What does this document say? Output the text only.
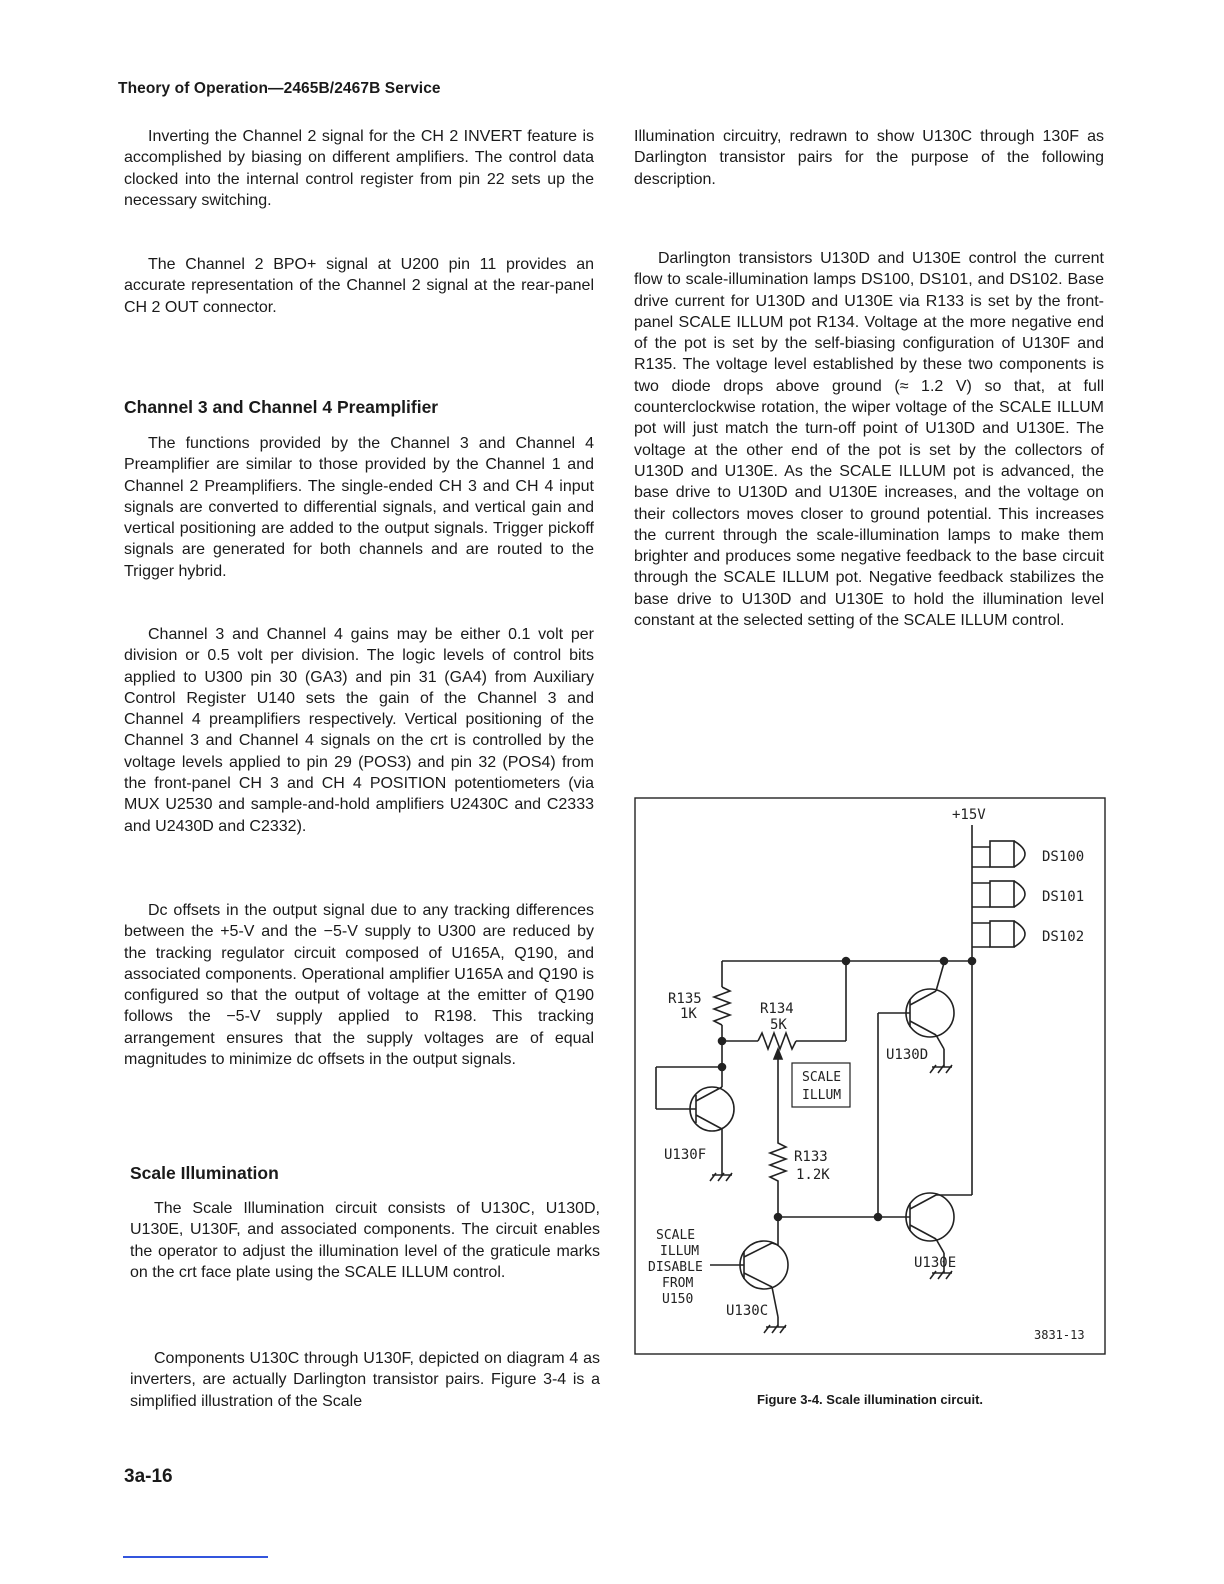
Theory of Operation—2465B/2467B Service

Inverting the Channel 2 signal for the CH 2 INVERT feature is accomplished by biasing on different amplifiers. The control data clocked into the internal control register from pin 22 sets up the necessary switching.

The Channel 2 BPO+ signal at U200 pin 11 provides an accurate representation of the Channel 2 signal at the rear-panel CH 2 OUT connector.

Channel 3 and Channel 4 Preamplifier

The functions provided by the Channel 3 and Channel 4 Preamplifier are similar to those provided by the Channel 1 and Channel 2 Preamplifiers. The single-ended CH 3 and CH 4 input signals are converted to differential signals, and vertical gain and vertical positioning are added to the output signals. Trigger pickoff signals are generated for both channels and are routed to the Trigger hybrid.

Channel 3 and Channel 4 gains may be either 0.1 volt per division or 0.5 volt per division. The logic levels of control bits applied to U300 pin 30 (GA3) and pin 31 (GA4) from Auxiliary Control Register U140 sets the gain of the Channel 3 and Channel 4 preamplifiers respectively. Vertical positioning of the Channel 3 and Channel 4 signals on the crt is controlled by the voltage levels applied to pin 29 (POS3) and pin 32 (POS4) from the front-panel CH 3 and CH 4 POSITION potentiometers (via MUX U2530 and sample-and-hold amplifiers U2430C and C2333 and U2430D and C2332).

Dc offsets in the output signal due to any tracking differences between the +5-V and the −5-V supply to U300 are reduced by the tracking regulator circuit composed of U165A, Q190, and associated components. Operational amplifier U165A and Q190 is configured so that the output of voltage at the emitter of Q190 follows the −5-V supply applied to R198. This tracking arrangement ensures that the supply voltages are of equal magnitudes to minimize dc offsets in the output signals.

Scale Illumination

The Scale Illumination circuit consists of U130C, U130D, U130E, U130F, and associated components. The circuit enables the operator to adjust the illumination level of the graticule marks on the crt face plate using the SCALE ILLUM control.

Components U130C through U130F, depicted on diagram 4 as inverters, are actually Darlington transistor pairs. Figure 3-4 is a simplified illustration of the Scale

Illumination circuitry, redrawn to show U130C through 130F as Darlington transistor pairs for the purpose of the following description.

Darlington transistors U130D and U130E control the current flow to scale-illumination lamps DS100, DS101, and DS102. Base drive current for U130D and U130E via R133 is set by the front-panel SCALE ILLUM pot R134. Voltage at the more negative end of the pot is set by the self-biasing configuration of U130F and R135. The voltage level established by these two components is two diode drops above ground (≈ 1.2 V) so that, at full counterclockwise rotation, the wiper voltage of the SCALE ILLUM pot will just match the turn-off point of U130D and U130E. The voltage at the other end of the pot is set by the collectors of U130D and U130E. As the SCALE ILLUM pot is advanced, the base drive to U130D and U130E increases, and the voltage on their collectors moves closer to ground potential. This increases the current through the scale-illumination lamps to make them brighter and produces some negative feedback to the base circuit through the SCALE ILLUM pot. Negative feedback stabilizes the base drive to U130D and U130E to hold the illumination level constant at the selected setting of the SCALE ILLUM control.

+15V
DS100
DS101
DS102
R135
1K	R134
5K
SCALE
ILLUM
U130F
U130D
R133
1.2K
U130E
U130C
SCALE
ILLUM
DISABLE
FROM
U150
3831-13
Figure 3-4. Scale illumination circuit.
3a-16
